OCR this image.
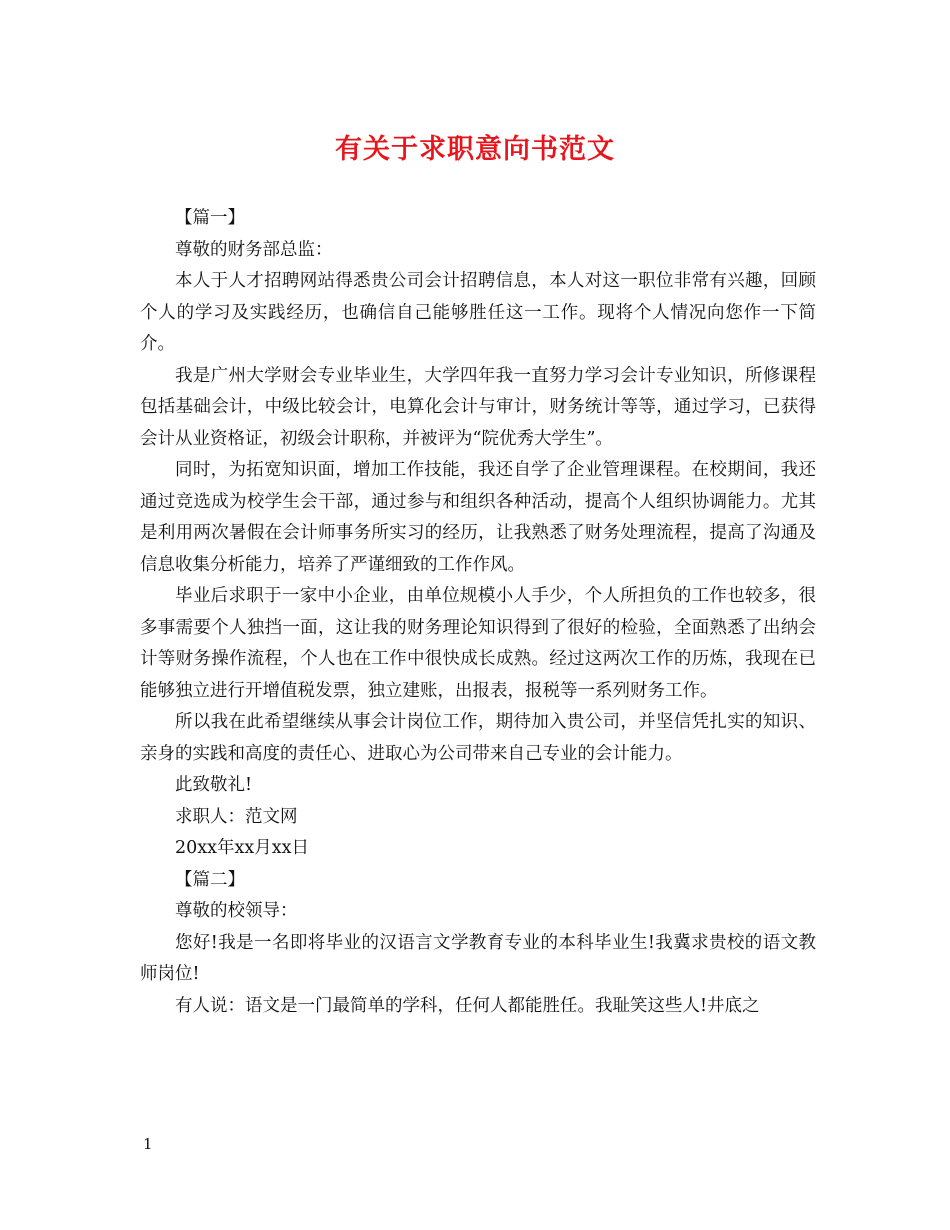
有关于求职意向书范文

【篇一】

尊敬的财务部总监：

本人于人才招聘网站得悉贵公司会计招聘信息，本人对这一职位非常有兴趣，回顾个人的学习及实践经历，也确信自己能够胜任这一工作。现将个人情况向您作一下简介。

我是广州大学财会专业毕业生，大学四年我一直努力学习会计专业知识，所修课程包括基础会计，中级比较会计，电算化会计与审计，财务统计等等，通过学习，已获得会计从业资格证，初级会计职称，并被评为“院优秀大学生”。

同时，为拓宽知识面，增加工作技能，我还自学了企业管理课程。在校期间，我还通过竞选成为校学生会干部，通过参与和组织各种活动，提高个人组织协调能力。尤其是利用两次暑假在会计师事务所实习的经历，让我熟悉了财务处理流程，提高了沟通及信息收集分析能力，培养了严谨细致的工作作风。

毕业后求职于一家中小企业，由单位规模小人手少，个人所担负的工作也较多，很多事需要个人独挡一面，这让我的财务理论知识得到了很好的检验，全面熟悉了出纳会计等财务操作流程，个人也在工作中很快成长成熟。经过这两次工作的历炼，我现在已能够独立进行开增值税发票，独立建账，出报表，报税等一系列财务工作。

所以我在此希望继续从事会计岗位工作，期待加入贵公司，并坚信凭扎实的知识、亲身的实践和高度的责任心、进取心为公司带来自己专业的会计能力。

此致敬礼!

求职人：范文网

20xx年xx月xx日

【篇二】

尊敬的校领导：

您好!我是一名即将毕业的汉语言文学教育专业的本科毕业生!我冀求贵校的语文教师岗位!

有人说：语文是一门最简单的学科，任何人都能胜任。我耻笑这些人!井底之

1
